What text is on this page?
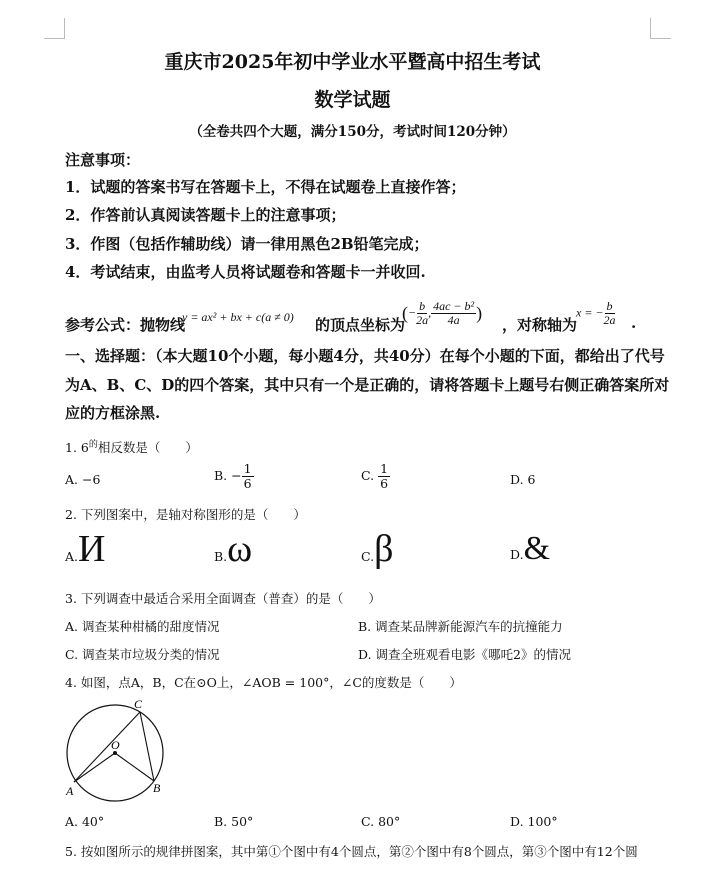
重庆市2025年初中学业水平暨高中招生考试
数学试题
（全卷共四个大题，满分150分，考试时间120分钟）
注意事项：
1．试题的答案书写在答题卡上，不得在试题卷上直接作答；
2．作答前认真阅读答题卡上的注意事项；
3．作图（包括作辅助线）请一律用黑色2B铅笔完成；
4．考试结束，由监考人员将试题卷和答题卡一并收回.
参考公式：抛物线
y = ax² + bx + c(a ≠ 0) 的顶点坐标为
(− $\frac{b}{2a}$ , $\frac{\text{4ac − b²}}{4a}$ )
，对称轴为
x = − $\frac{b}{2a}$ .
一、选择题：（本大题10个小题，每小题4分，共40分）在每个小题的下面，都给出了代号
为A、B、C、D的四个答案，其中只有一个是正确的，请将答题卡上题号右侧正确答案所对
应的方框涂黑.
1. $6^的$相反数是（　　）
A. −6	B. − $\frac{1}{6}$	C. $\frac{1}{6}$	D. 6
2. 下列图案中，是轴对称图形的是（　　）
A.И	B.ω	C.β	D.&
3. 下列调查中最适合采用全面调查（普查）的是（　　）
A. 调查某种柑橘的甜度情况	B. 调查某品牌新能源汽车的抗撞能力
C. 调查某市垃圾分类的情况	D. 调查全班观看电影《哪吒2》的情况
4. 如图，点A，B，C在⊙O上，∠AOB = 100°，∠C的度数是（　　）
C
O
A	B
A. 40°	B. 50°	C. 80°	D. 100°
5. 按如图所示的规律拼图案，其中第①个图中有4个圆点，第②个图中有8个圆点，第③个图中有12个圆
